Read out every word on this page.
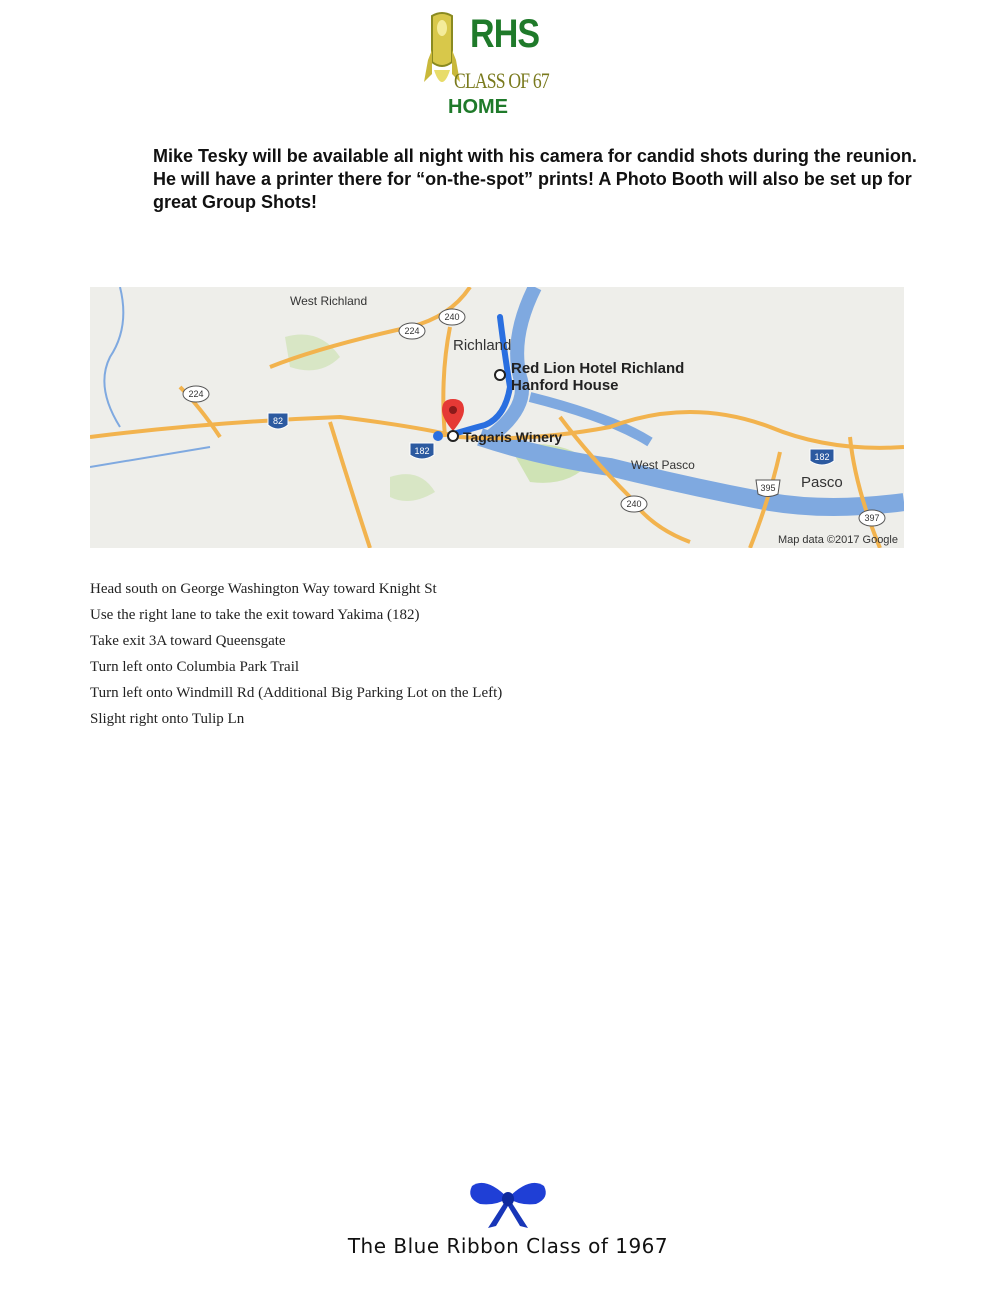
RHS
CLASS OF 67
HOME
Mike Tesky will be available all night with his camera for candid shots during the reunion. He will have a printer there for “on-the-spot” prints! A Photo Booth will also be set up for great Group Shots!
224
240
224
82
182
182
395
240
397
West Richland
Richland
Red Lion Hotel Richland
Hanford House
Tagaris Winery
West Pasco
Pasco
Map data ©2017 Google
Head south on George Washington Way toward Knight St
Use the right lane to take the exit toward Yakima (182)
Take exit 3A toward Queensgate
Turn left onto Columbia Park Trail
Turn left onto Windmill Rd (Additional Big Parking Lot on the Left)
Slight right onto Tulip Ln
The Blue Ribbon Class of 1967
